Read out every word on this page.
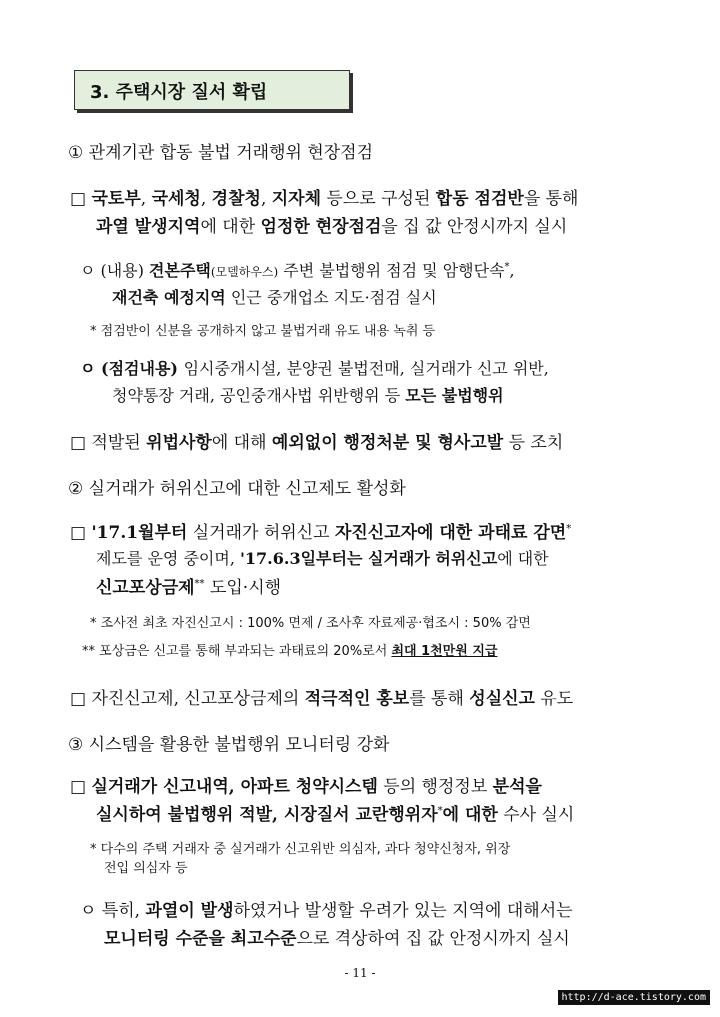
3. 주택시장 질서 확립
① 관계기관 합동 불법 거래행위 현장점검
□ 국토부, 국세청, 경찰청, 지자체 등으로 구성된 합동 점검반을 통해
과열 발생지역에 대한 엄정한 현장점검을 집 값 안정시까지 실시
ㅇ (내용) 견본주택(모델하우스) 주변 불법행위 점검 및 암행단속*,
재건축 예정지역 인근 중개업소 지도·점검 실시
* 점검반이 신분을 공개하지 않고 불법거래 유도 내용 녹취 등
ㅇ (점검내용) 임시중개시설, 분양권 불법전매, 실거래가 신고 위반,
청약통장 거래, 공인중개사법 위반행위 등 모든 불법행위
□ 적발된 위법사항에 대해 예외없이 행정처분 및 형사고발 등 조치
② 실거래가 허위신고에 대한 신고제도 활성화
□ '17.1월부터 실거래가 허위신고 자진신고자에 대한 과태료 감면*
제도를 운영 중이며, '17.6.3일부터는 실거래가 허위신고에 대한
신고포상금제** 도입·시행
* 조사전 최초 자진신고시 : 100% 면제 / 조사후 자료제공·협조시 : 50% 감면
** 포상금은 신고를 통해 부과되는 과태료의 20%로서 최대 1천만원 지급
□ 자진신고제, 신고포상금제의 적극적인 홍보를 통해 성실신고 유도
③ 시스템을 활용한 불법행위 모니터링 강화
□ 실거래가 신고내역, 아파트 청약시스템 등의 행정정보 분석을
실시하여 불법행위 적발, 시장질서 교란행위자*에 대한 수사 실시
* 다수의 주택 거래자 중 실거래가 신고위반 의심자, 과다 청약신청자, 위장
전입 의심자 등
ㅇ 특히, 과열이 발생하였거나 발생할 우려가 있는 지역에 대해서는
모니터링 수준을 최고수준으로 격상하여 집 값 안정시까지 실시
- 11 -
http://d-ace.tistory.com
